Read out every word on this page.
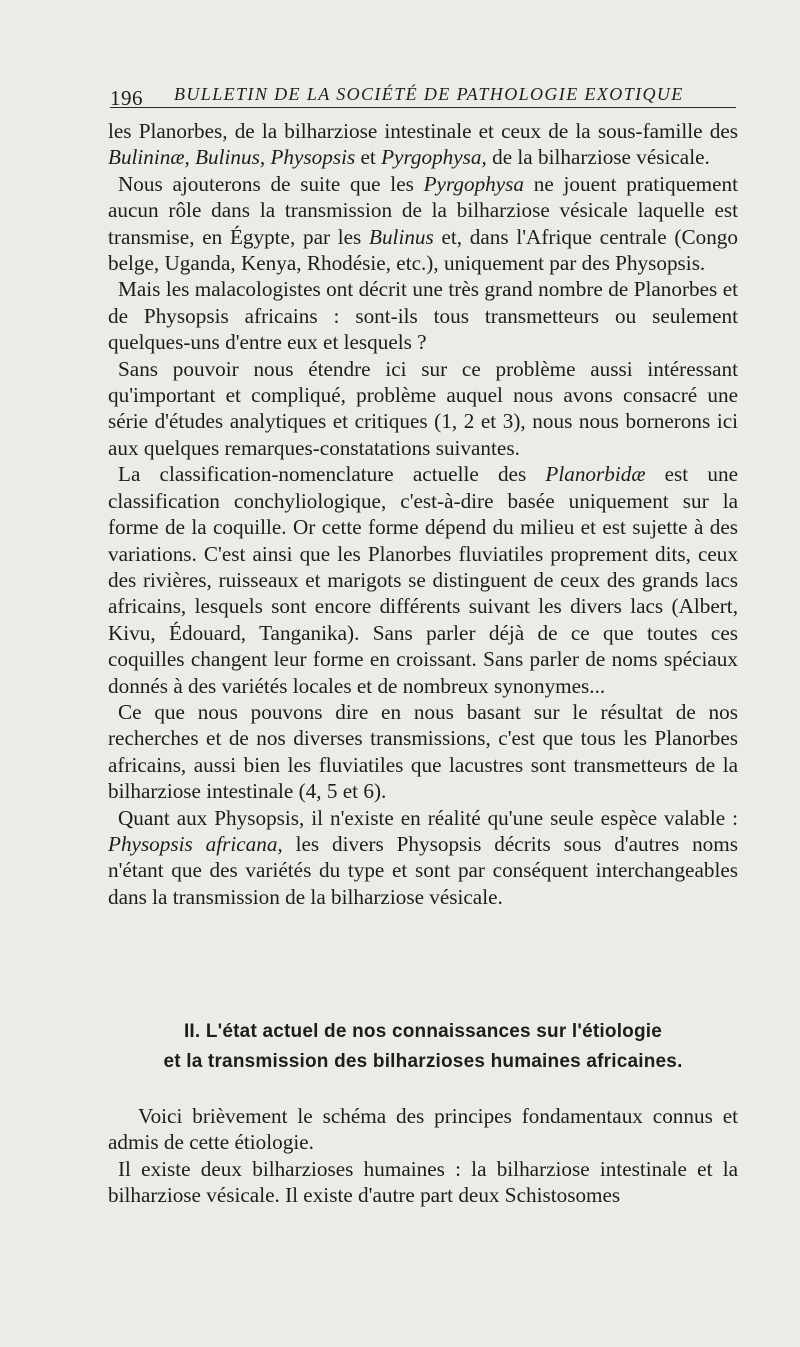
196 BULLETIN DE LA SOCIÉTÉ DE PATHOLOGIE EXOTIQUE

les Planorbes, de la bilharziose intestinale et ceux de la sous-famille des Bulininæ, Bulinus, Physopsis et Pyrgophysa, de la bilharziose vésicale.

Nous ajouterons de suite que les Pyrgophysa ne jouent pratiquement aucun rôle dans la transmission de la bilharziose vésicale laquelle est transmise, en Égypte, par les Bulinus et, dans l'Afrique centrale (Congo belge, Uganda, Kenya, Rhodésie, etc.), uniquement par des Physopsis.

Mais les malacologistes ont décrit une très grand nombre de Planorbes et de Physopsis africains : sont-ils tous transmetteurs ou seulement quelques-uns d'entre eux et lesquels ?

Sans pouvoir nous étendre ici sur ce problème aussi intéressant qu'important et compliqué, problème auquel nous avons consacré une série d'études analytiques et critiques (1, 2 et 3), nous nous bornerons ici aux quelques remarques-constatations suivantes.

La classification-nomenclature actuelle des Planorbidæ est une classification conchyliologique, c'est-à-dire basée uniquement sur la forme de la coquille. Or cette forme dépend du milieu et est sujette à des variations. C'est ainsi que les Planorbes fluviatiles proprement dits, ceux des rivières, ruisseaux et marigots se distinguent de ceux des grands lacs africains, lesquels sont encore différents suivant les divers lacs (Albert, Kivu, Édouard, Tanganika). Sans parler déjà de ce que toutes ces coquilles changent leur forme en croissant. Sans parler de noms spéciaux donnés à des variétés locales et de nombreux synonymes...

Ce que nous pouvons dire en nous basant sur le résultat de nos recherches et de nos diverses transmissions, c'est que tous les Planorbes africains, aussi bien les fluviatiles que lacustres sont transmetteurs de la bilharziose intestinale (4, 5 et 6).

Quant aux Physopsis, il n'existe en réalité qu'une seule espèce valable : Physopsis africana, les divers Physopsis décrits sous d'autres noms n'étant que des variétés du type et sont par conséquent interchangeables dans la transmission de la bilharziose vésicale.

II. L'état actuel de nos connaissances sur l'étiologie
et la transmission des bilharzioses humaines africaines.

Voici brièvement le schéma des principes fondamentaux connus et admis de cette étiologie.

Il existe deux bilharzioses humaines : la bilharziose intestinale et la bilharziose vésicale. Il existe d'autre part deux Schistosomes
